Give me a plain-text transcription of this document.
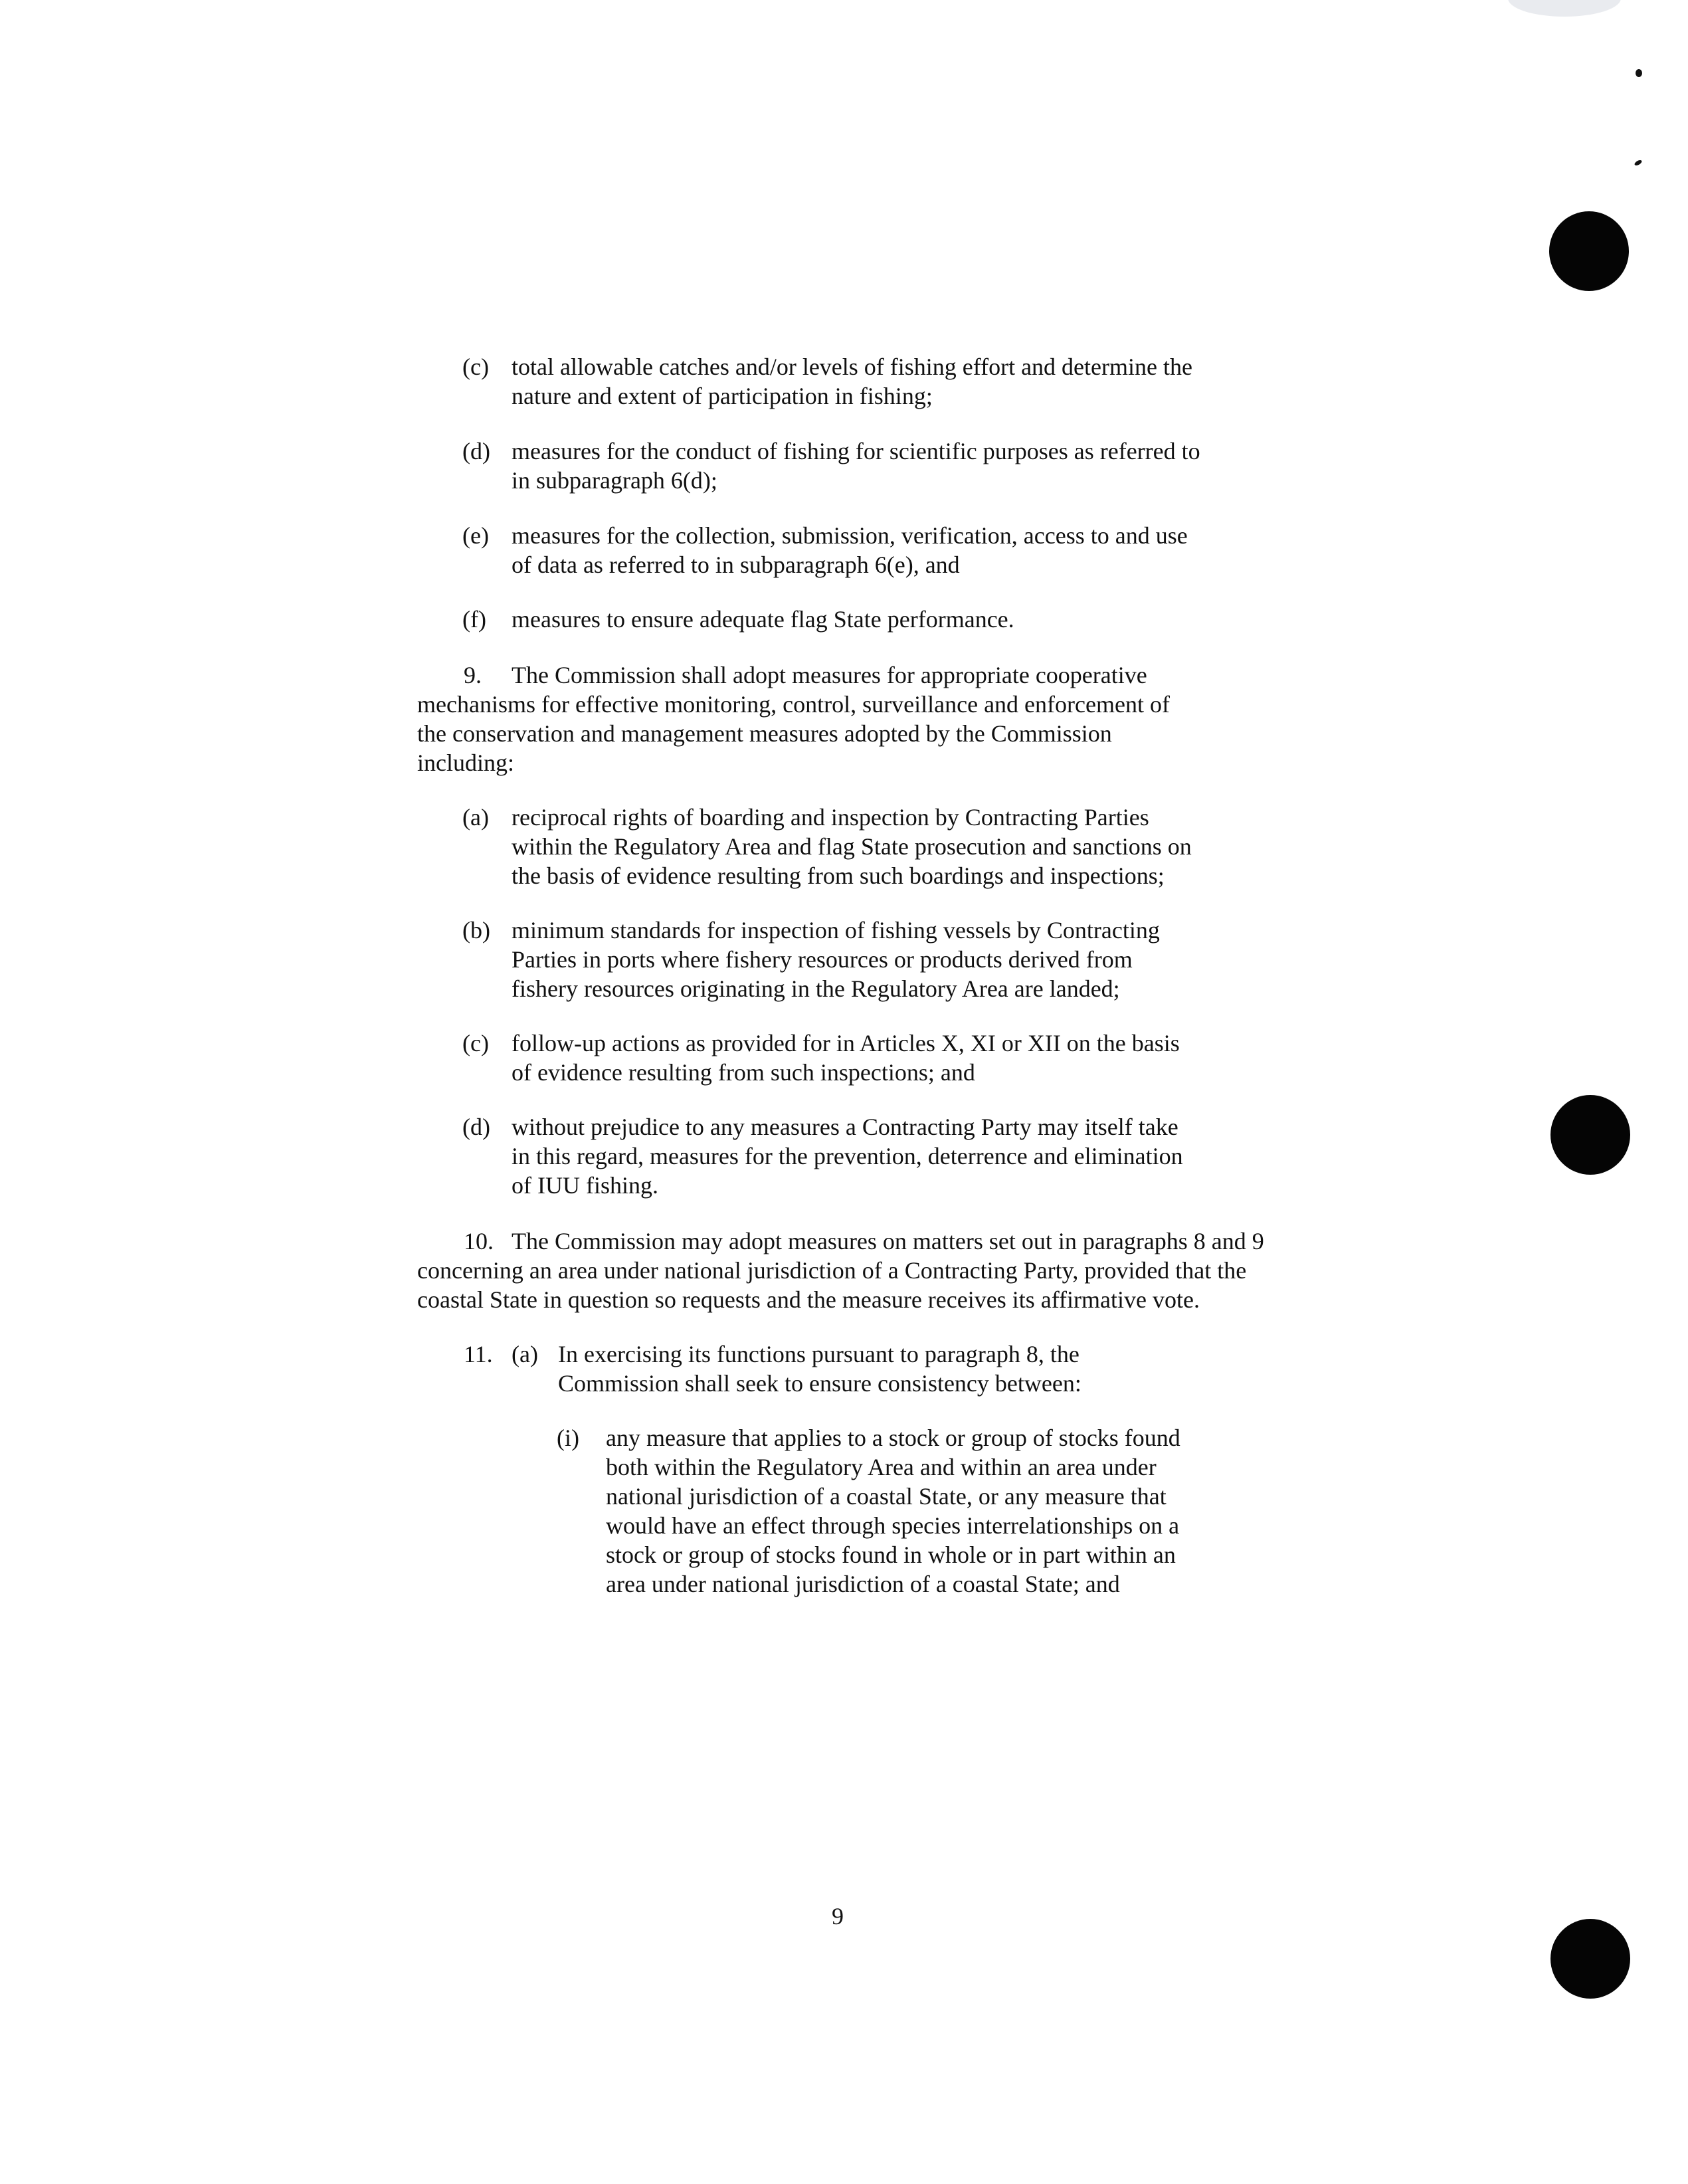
(c) total allowable catches and/or levels of fishing effort and determine the
nature and extent of participation in fishing;
(d) measures for the conduct of fishing for scientific purposes as referred to
in subparagraph 6(d);
(e) measures for the collection, submission, verification, access to and use
of data as referred to in subparagraph 6(e), and
(f) measures to ensure adequate flag State performance.
9. The Commission shall adopt measures for appropriate cooperative
mechanisms for effective monitoring, control, surveillance and enforcement of
the conservation and management measures adopted by the Commission
including:
(a) reciprocal rights of boarding and inspection by Contracting Parties
within the Regulatory Area and flag State prosecution and sanctions on
the basis of evidence resulting from such boardings and inspections;
(b) minimum standards for inspection of fishing vessels by Contracting
Parties in ports where fishery resources or products derived from
fishery resources originating in the Regulatory Area are landed;
(c) follow-up actions as provided for in Articles X, XI or XII on the basis
of evidence resulting from such inspections; and
(d) without prejudice to any measures a Contracting Party may itself take
in this regard, measures for the prevention, deterrence and elimination
of IUU fishing.
10. The Commission may adopt measures on matters set out in paragraphs 8 and 9
concerning an area under national jurisdiction of a Contracting Party, provided that the
coastal State in question so requests and the measure receives its affirmative vote.
11. (a) In exercising its functions pursuant to paragraph 8, the
Commission shall seek to ensure consistency between:
(i) any measure that applies to a stock or group of stocks found
both within the Regulatory Area and within an area under
national jurisdiction of a coastal State, or any measure that
would have an effect through species interrelationships on a
stock or group of stocks found in whole or in part within an
area under national jurisdiction of a coastal State; and
9
